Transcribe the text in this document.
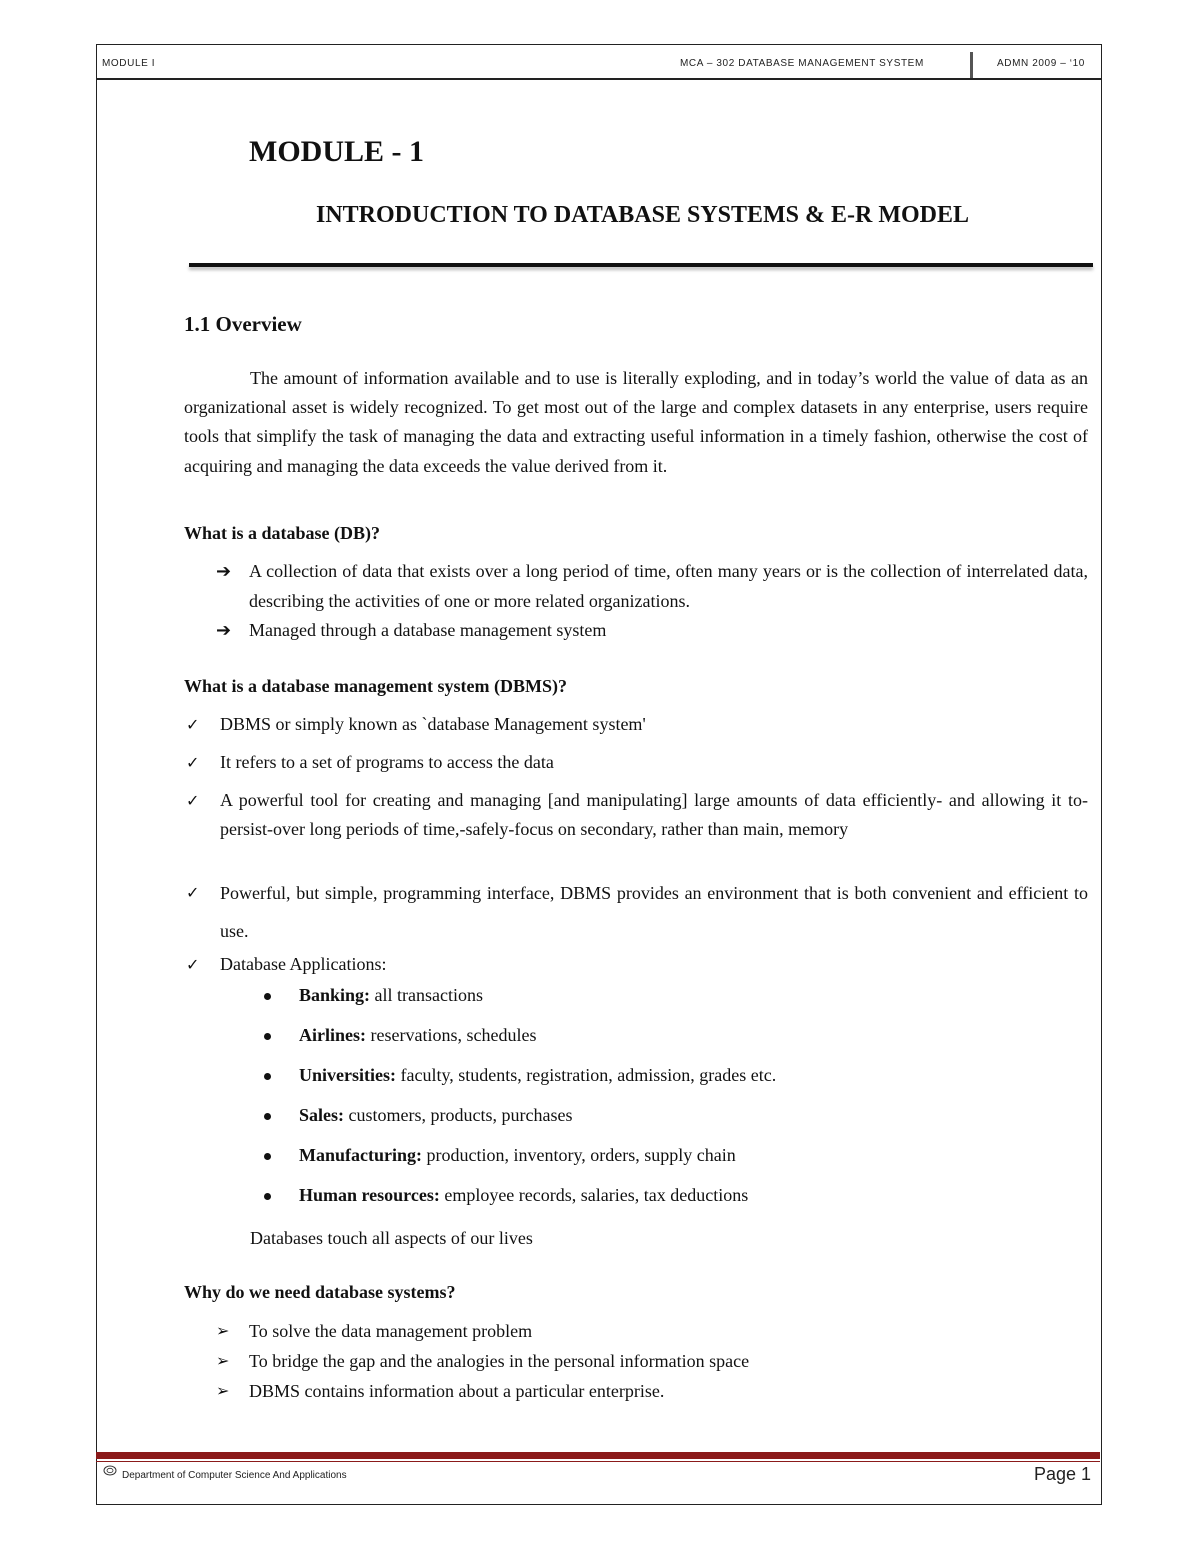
MODULE I	MCA – 302 DATABASE MANAGEMENT SYSTEM	ADMN 2009 – ‘10
MODULE - 1
INTRODUCTION TO DATABASE SYSTEMS & E-R MODEL
1.1 Overview
The amount of information available and to use is literally exploding, and in today’s world the value of data as an organizational asset is widely recognized. To get most out of the large and complex datasets in any enterprise, users require tools that simplify the task of managing the data and extracting useful information in a timely fashion, otherwise the cost of acquiring and managing the data exceeds the value derived from it.
What is a database (DB)?
➔ A collection of data that exists over a long period of time, often many years or is the collection of interrelated data, describing the activities of one or more related organizations.
➔ Managed through a database management system
What is a database management system (DBMS)?
✓ DBMS or simply known as `database Management system'
✓ It refers to a set of programs to access the data
✓ A powerful tool for creating and managing [and manipulating] large amounts of data efficiently- and allowing it to-persist-over long periods of time,-safely-focus on secondary, rather than main, memory
✓ Powerful, but simple, programming interface, DBMS provides an environment that is both convenient and efficient to use.
✓ Database Applications:
Banking: all transactions
Airlines: reservations, schedules
Universities: faculty, students, registration, admission, grades etc.
Sales: customers, products, purchases
Manufacturing: production, inventory, orders, supply chain
Human resources: employee records, salaries, tax deductions
Databases touch all aspects of our lives
Why do we need database systems?
➢ To solve the data management problem
➢ To bridge the gap and the analogies in the personal information space
➢ DBMS contains information about a particular enterprise.
Department of Computer Science And Applications	Page 1
